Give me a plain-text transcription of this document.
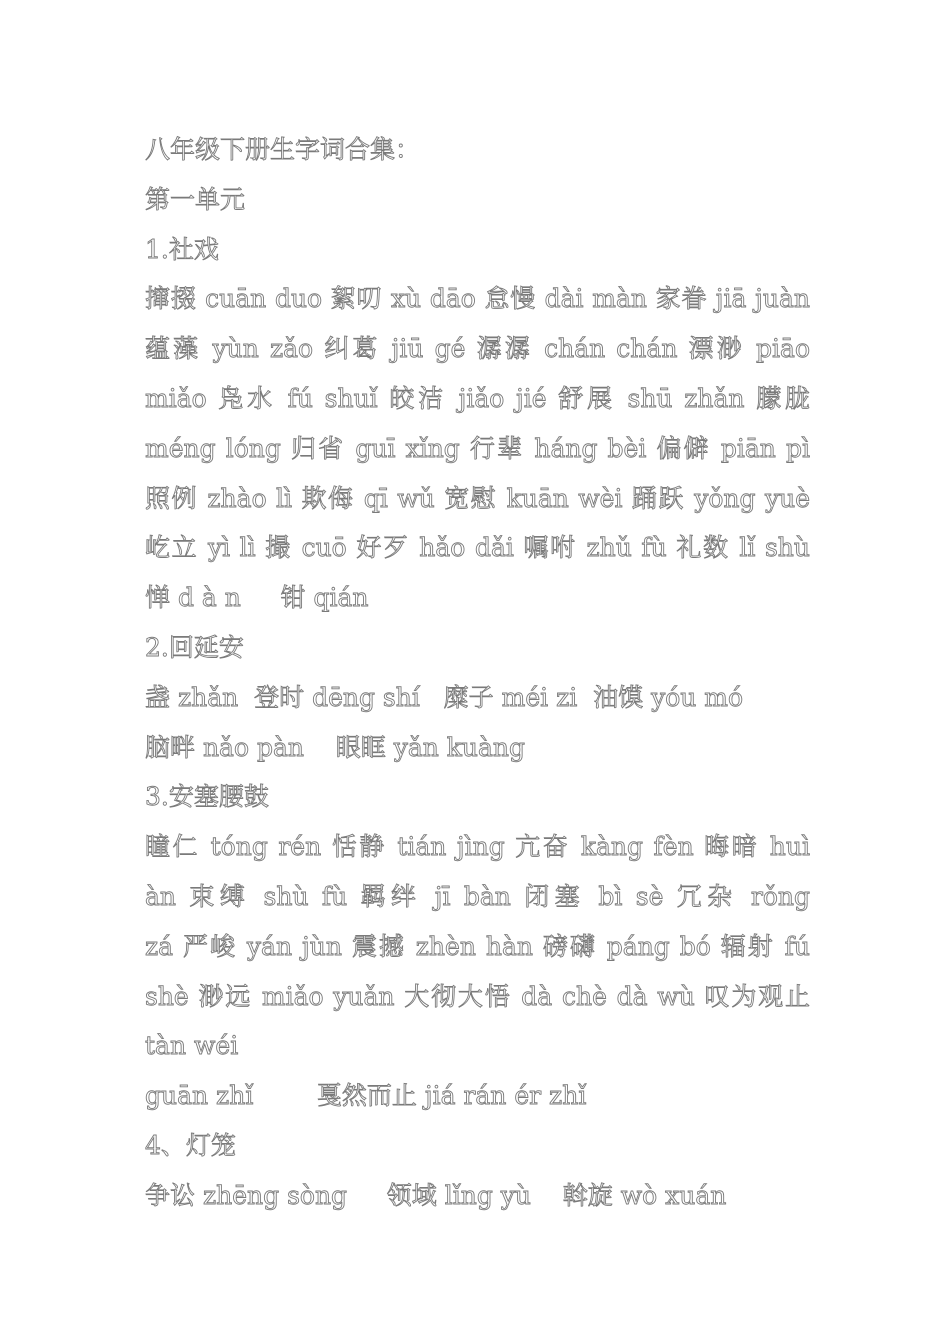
八年级下册生字词合集：
第一单元
1.社戏
撺掇 cuān duo 絮叨 xù dāo 怠慢 dài màn 家眷 jiā juàn
蕴藻 yùn zǎo 纠葛 jiū gé 潺潺 chán chán 漂渺 piāo
miǎo 凫水 fú shuǐ 皎洁 jiǎo jié 舒展 shū zhǎn 朦胧
méng lóng 归省 guī xǐng 行辈 háng bèi 偏僻 piān pì
照例 zhào lì 欺侮 qī wǔ 宽慰 kuān wèi 踊跃 yǒng yuè
屹立 yì lì 撮 cuō 好歹 hǎo dǎi 嘱咐 zhǔ fù 礼数 lǐ shù
惮 d à n     钳 qián
2.回延安
盏 zhǎn  登时 dēng shí   糜子 méi zi  油馍 yóu mó
脑畔 nǎo pàn    眼眶 yǎn kuàng
3.安塞腰鼓
瞳仁 tóng rén 恬静 tián jìng 亢奋 kàng fèn 晦暗 huì
àn 束缚 shù fù 羁绊 jī bàn 闭塞 bì sè 冗杂 rǒng
zá 严峻 yán jùn 震撼 zhèn hàn 磅礴 páng bó 辐射 fú
shè 渺远 miǎo yuǎn 大彻大悟 dà chè dà wù 叹为观止
tàn wéi
guān zhǐ        戛然而止 jiá rán ér zhǐ
4、灯笼
争讼 zhēng sòng     领域 lǐng yù    斡旋 wò xuán
